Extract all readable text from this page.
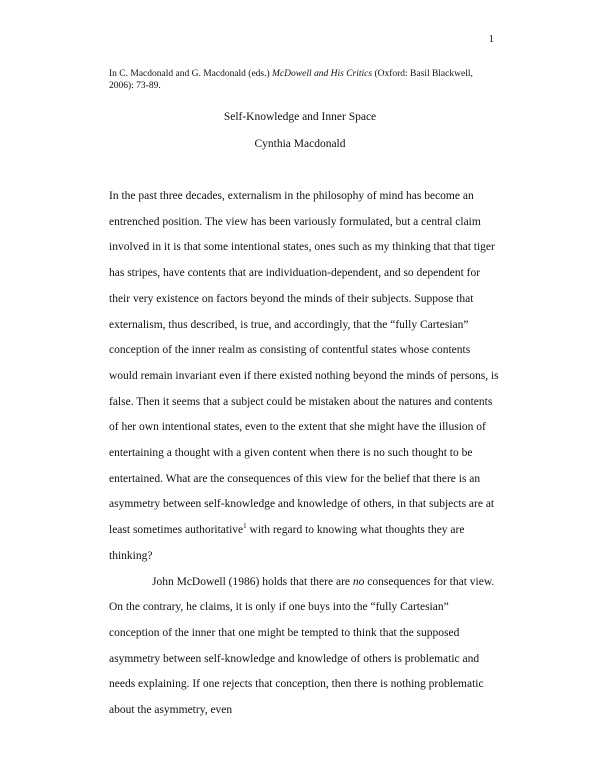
1
In C. Macdonald and G. Macdonald (eds.) McDowell and His Critics (Oxford: Basil Blackwell, 2006): 73-89.
Self-Knowledge and Inner Space
Cynthia Macdonald

In the past three decades, externalism in the philosophy of mind has become an entrenched position. The view has been variously formulated, but a central claim involved in it is that some intentional states, ones such as my thinking that that tiger has stripes, have contents that are individuation-dependent, and so dependent for their very existence on factors beyond the minds of their subjects. Suppose that externalism, thus described, is true, and accordingly, that the “fully Cartesian” conception of the inner realm as consisting of contentful states whose contents would remain invariant even if there existed nothing beyond the minds of persons, is false. Then it seems that a subject could be mistaken about the natures and contents of her own intentional states, even to the extent that she might have the illusion of entertaining a thought with a given content when there is no such thought to be entertained. What are the consequences of this view for the belief that there is an asymmetry between self-knowledge and knowledge of others, in that subjects are at least sometimes authoritative$^1$ with regard to knowing what thoughts they are thinking?

John McDowell (1986) holds that there are no consequences for that view. On the contrary, he claims, it is only if one buys into the “fully Cartesian” conception of the inner that one might be tempted to think that the supposed asymmetry between self-knowledge and knowledge of others is problematic and needs explaining. If one rejects that conception, then there is nothing problematic about the asymmetry, even
